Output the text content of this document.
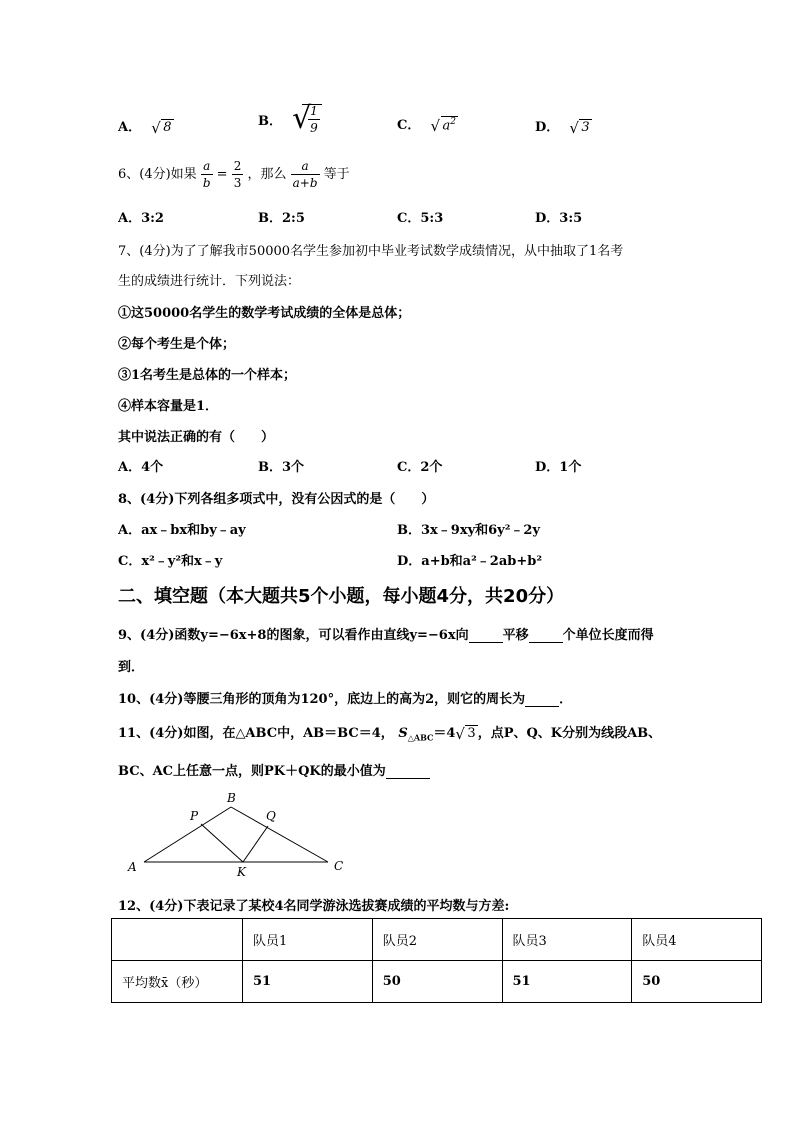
A． √ 8	B． √
$\frac{1}{9}$	C． √ $a^2$	D． √ 3
6、(4分)如果 $\frac{a}{b} = \frac{2}{3}$ ，那么 $\frac{a}{a+b}$ 等于
A．3:2	B．2:5	C．5:3	D．3:5
7、(4分)为了了解我市50000名学生参加初中毕业考试数学成绩情况，从中抽取了1名考
生的成绩进行统计．下列说法：
①这50000名学生的数学考试成绩的全体是总体；
②每个考生是个体；
③1名考生是总体的一个样本；
④样本容量是1．
其中说法正确的有（　　）
A．4个	B．3个	C．2个	D．1个
8、(4分)下列各组多项式中，没有公因式的是（　　）
A．ax﹣bx和by﹣ay	B．3x﹣9xy和6y²﹣2y
C．x²﹣y²和x﹣y	D．a+b和a²﹣2ab+b²
二、填空题（本大题共5个小题，每小题4分，共20分）
9、(4分)函数y=−6x+8的图象，可以看作由直线y=−6x向	平移	个单位长度而得
到．
10、(4分)等腰三角形的顶角为120°，底边上的高为2，则它的周长为	．
11、(4分)如图，在△ABC中，AB＝BC＝4， $S_{\triangle ABC}=4$ √ 3 ，点P、Q、K分别为线段AB、
BC、AC上任意一点，则PK＋QK的最小值为
A
B
C
P	Q
K
12、(4分)下表记录了某校4名同学游泳选拔赛成绩的平均数与方差:
	队员1	队员2	队员3	队员4
平均数x̄（秒）	51	50	51	50
